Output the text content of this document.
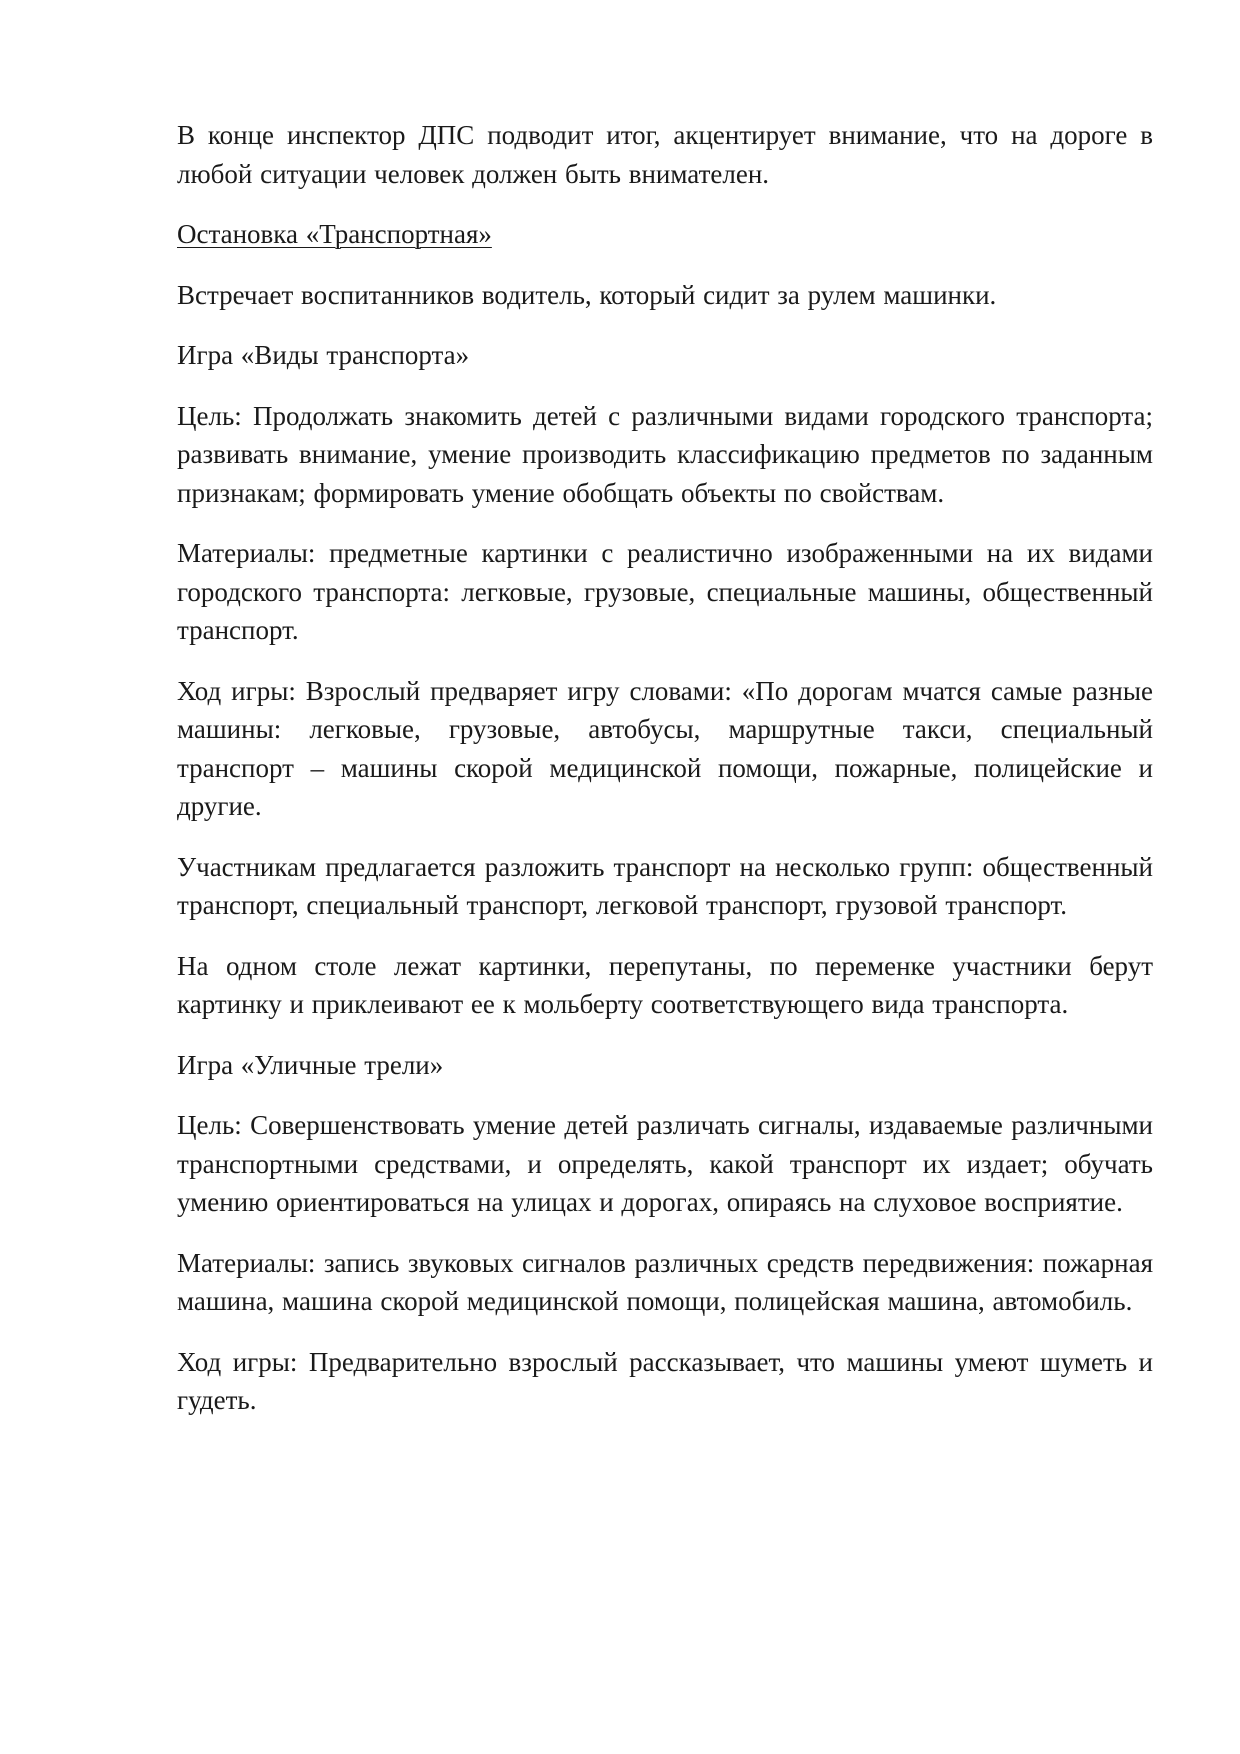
В конце инспектор ДПС подводит итог, акцентирует внимание, что на дороге в любой ситуации человек должен быть внимателен.

Остановка «Транспортная»

Встречает воспитанников водитель, который сидит за рулем машинки.

Игра «Виды транспорта»

Цель: Продолжать знакомить детей с различными видами городского транспорта; развивать внимание, умение производить классификацию предметов по заданным признакам; формировать умение обобщать объекты по свойствам.

Материалы: предметные картинки с реалистично изображенными на их видами городского транспорта: легковые, грузовые, специальные машины, общественный транспорт.

Ход игры: Взрослый предваряет игру словами: «По дорогам мчатся самые разные машины: легковые, грузовые, автобусы, маршрутные такси, специальный транспорт – машины скорой медицинской помощи, пожарные, полицейские и другие.

Участникам предлагается разложить транспорт на несколько групп: общественный транспорт, специальный транспорт, легковой транспорт, грузовой транспорт.

На одном столе лежат картинки, перепутаны, по переменке участники берут картинку и приклеивают ее к мольберту соответствующего вида транспорта.

Игра «Уличные трели»

Цель: Совершенствовать умение детей различать сигналы, издаваемые различными транспортными средствами, и определять, какой транспорт их издает; обучать умению ориентироваться на улицах и дорогах, опираясь на слуховое восприятие.

Материалы: запись звуковых сигналов различных средств передвижения: пожарная машина, машина скорой медицинской помощи, полицейская машина, автомобиль.

Ход игры: Предварительно взрослый рассказывает, что машины умеют шуметь и гудеть.
